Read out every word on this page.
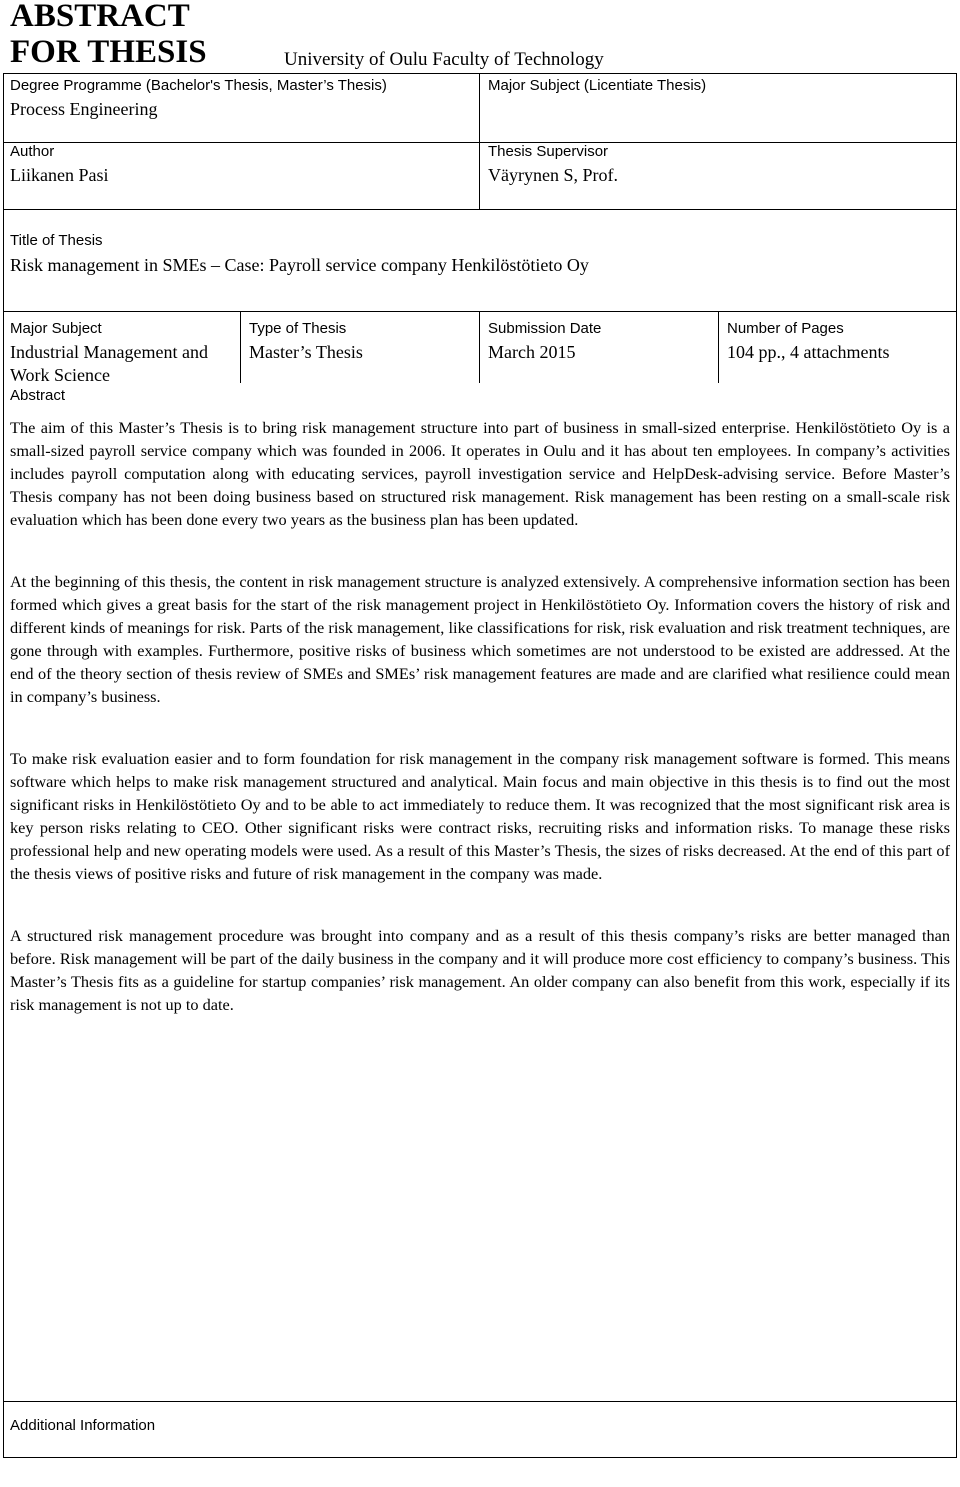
ABSTRACT
FOR THESIS	University of Oulu Faculty of Technology
Degree Programme (Bachelor's Thesis, Master’s Thesis)
Process Engineering
Major Subject (Licentiate Thesis)
Author
Liikanen Pasi
Thesis Supervisor
Väyrynen S, Prof.
Title of Thesis
Risk management in SMEs – Case: Payroll service company Henkilöstötieto Oy
Major Subject
Industrial Management and Work Science
Type of Thesis
Master’s Thesis
Submission Date
March 2015
Number of Pages
104 pp., 4 attachments
Abstract

The aim of this Master’s Thesis is to bring risk management structure into part of business in small-sized enterprise. Henkilöstötieto Oy is a small-sized payroll service company which was founded in 2006. It operates in Oulu and it has about ten employees. In company’s activities includes payroll computation along with educating services, payroll investigation service and HelpDesk-advising service. Before Master’s Thesis company has not been doing business based on structured risk management. Risk management has been resting on a small-scale risk evaluation which has been done every two years as the business plan has been updated.

At the beginning of this thesis, the content in risk management structure is analyzed extensively. A comprehensive information section has been formed which gives a great basis for the start of the risk management project in Henkilöstötieto Oy. Information covers the history of risk and different kinds of meanings for risk. Parts of the risk management, like classifications for risk, risk evaluation and risk treatment techniques, are gone through with examples. Furthermore, positive risks of business which sometimes are not understood to be existed are addressed. At the end of the theory section of thesis review of SMEs and SMEs’ risk management features are made and are clarified what resilience could mean in company’s business.

To make risk evaluation easier and to form foundation for risk management in the company risk management software is formed. This means software which helps to make risk management structured and analytical. Main focus and main objective in this thesis is to find out the most significant risks in Henkilöstötieto Oy and to be able to act immediately to reduce them. It was recognized that the most significant risk area is key person risks relating to CEO. Other significant risks were contract risks, recruiting risks and information risks. To manage these risks professional help and new operating models were used. As a result of this Master’s Thesis, the sizes of risks decreased. At the end of this part of the thesis views of positive risks and future of risk management in the company was made.

A structured risk management procedure was brought into company and as a result of this thesis company’s risks are better managed than before. Risk management will be part of the daily business in the company and it will produce more cost efficiency to company’s business. This Master’s Thesis fits as a guideline for startup companies’ risk management. An older company can also benefit from this work, especially if its risk management is not up to date.

Additional Information
